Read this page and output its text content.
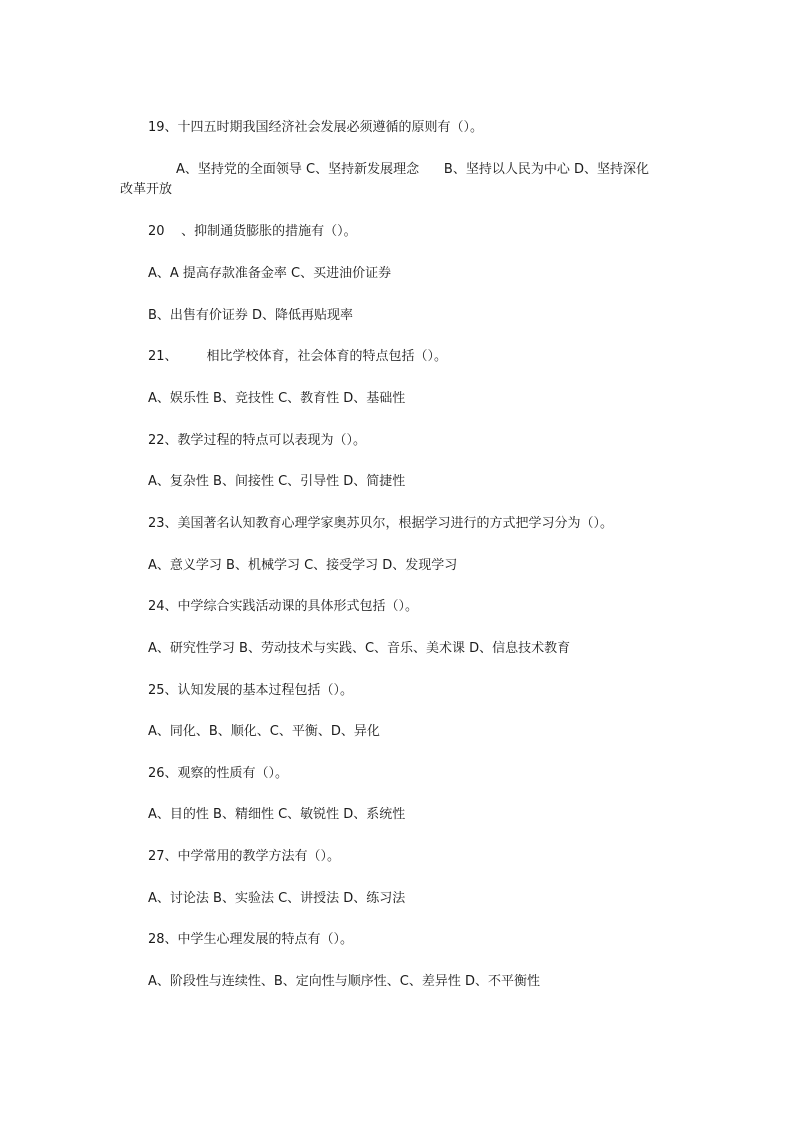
19、十四五时期我国经济社会发展必须遵循的原则有（）。
A、坚持党的全面领导 C、坚持新发展理念      B、坚持以人民为中心 D、坚持深化
改革开放
20    、抑制通货膨胀的措施有（）。
A、A 提高存款准备金率 C、买进油价证券
B、出售有价证券 D、降低再贴现率
21、       相比学校体育，社会体育的特点包括（）。
A、娱乐性 B、竞技性 C、教育性 D、基础性
22、教学过程的特点可以表现为（）。
A、复杂性 B、间接性 C、引导性 D、简捷性
23、美国著名认知教育心理学家奥苏贝尔，根据学习进行的方式把学习分为（）。
A、意义学习 B、机械学习 C、接受学习 D、发现学习
24、中学综合实践活动课的具体形式包括（）。
A、研究性学习 B、劳动技术与实践、C、音乐、美术课 D、信息技术教育
25、认知发展的基本过程包括（）。
A、同化、B、顺化、C、平衡、D、异化
26、观察的性质有（）。
A、目的性 B、精细性 C、敏锐性 D、系统性
27、中学常用的教学方法有（）。
A、讨论法 B、实验法 C、讲授法 D、练习法
28、中学生心理发展的特点有（）。
A、阶段性与连续性、B、定向性与顺序性、C、差异性 D、不平衡性
